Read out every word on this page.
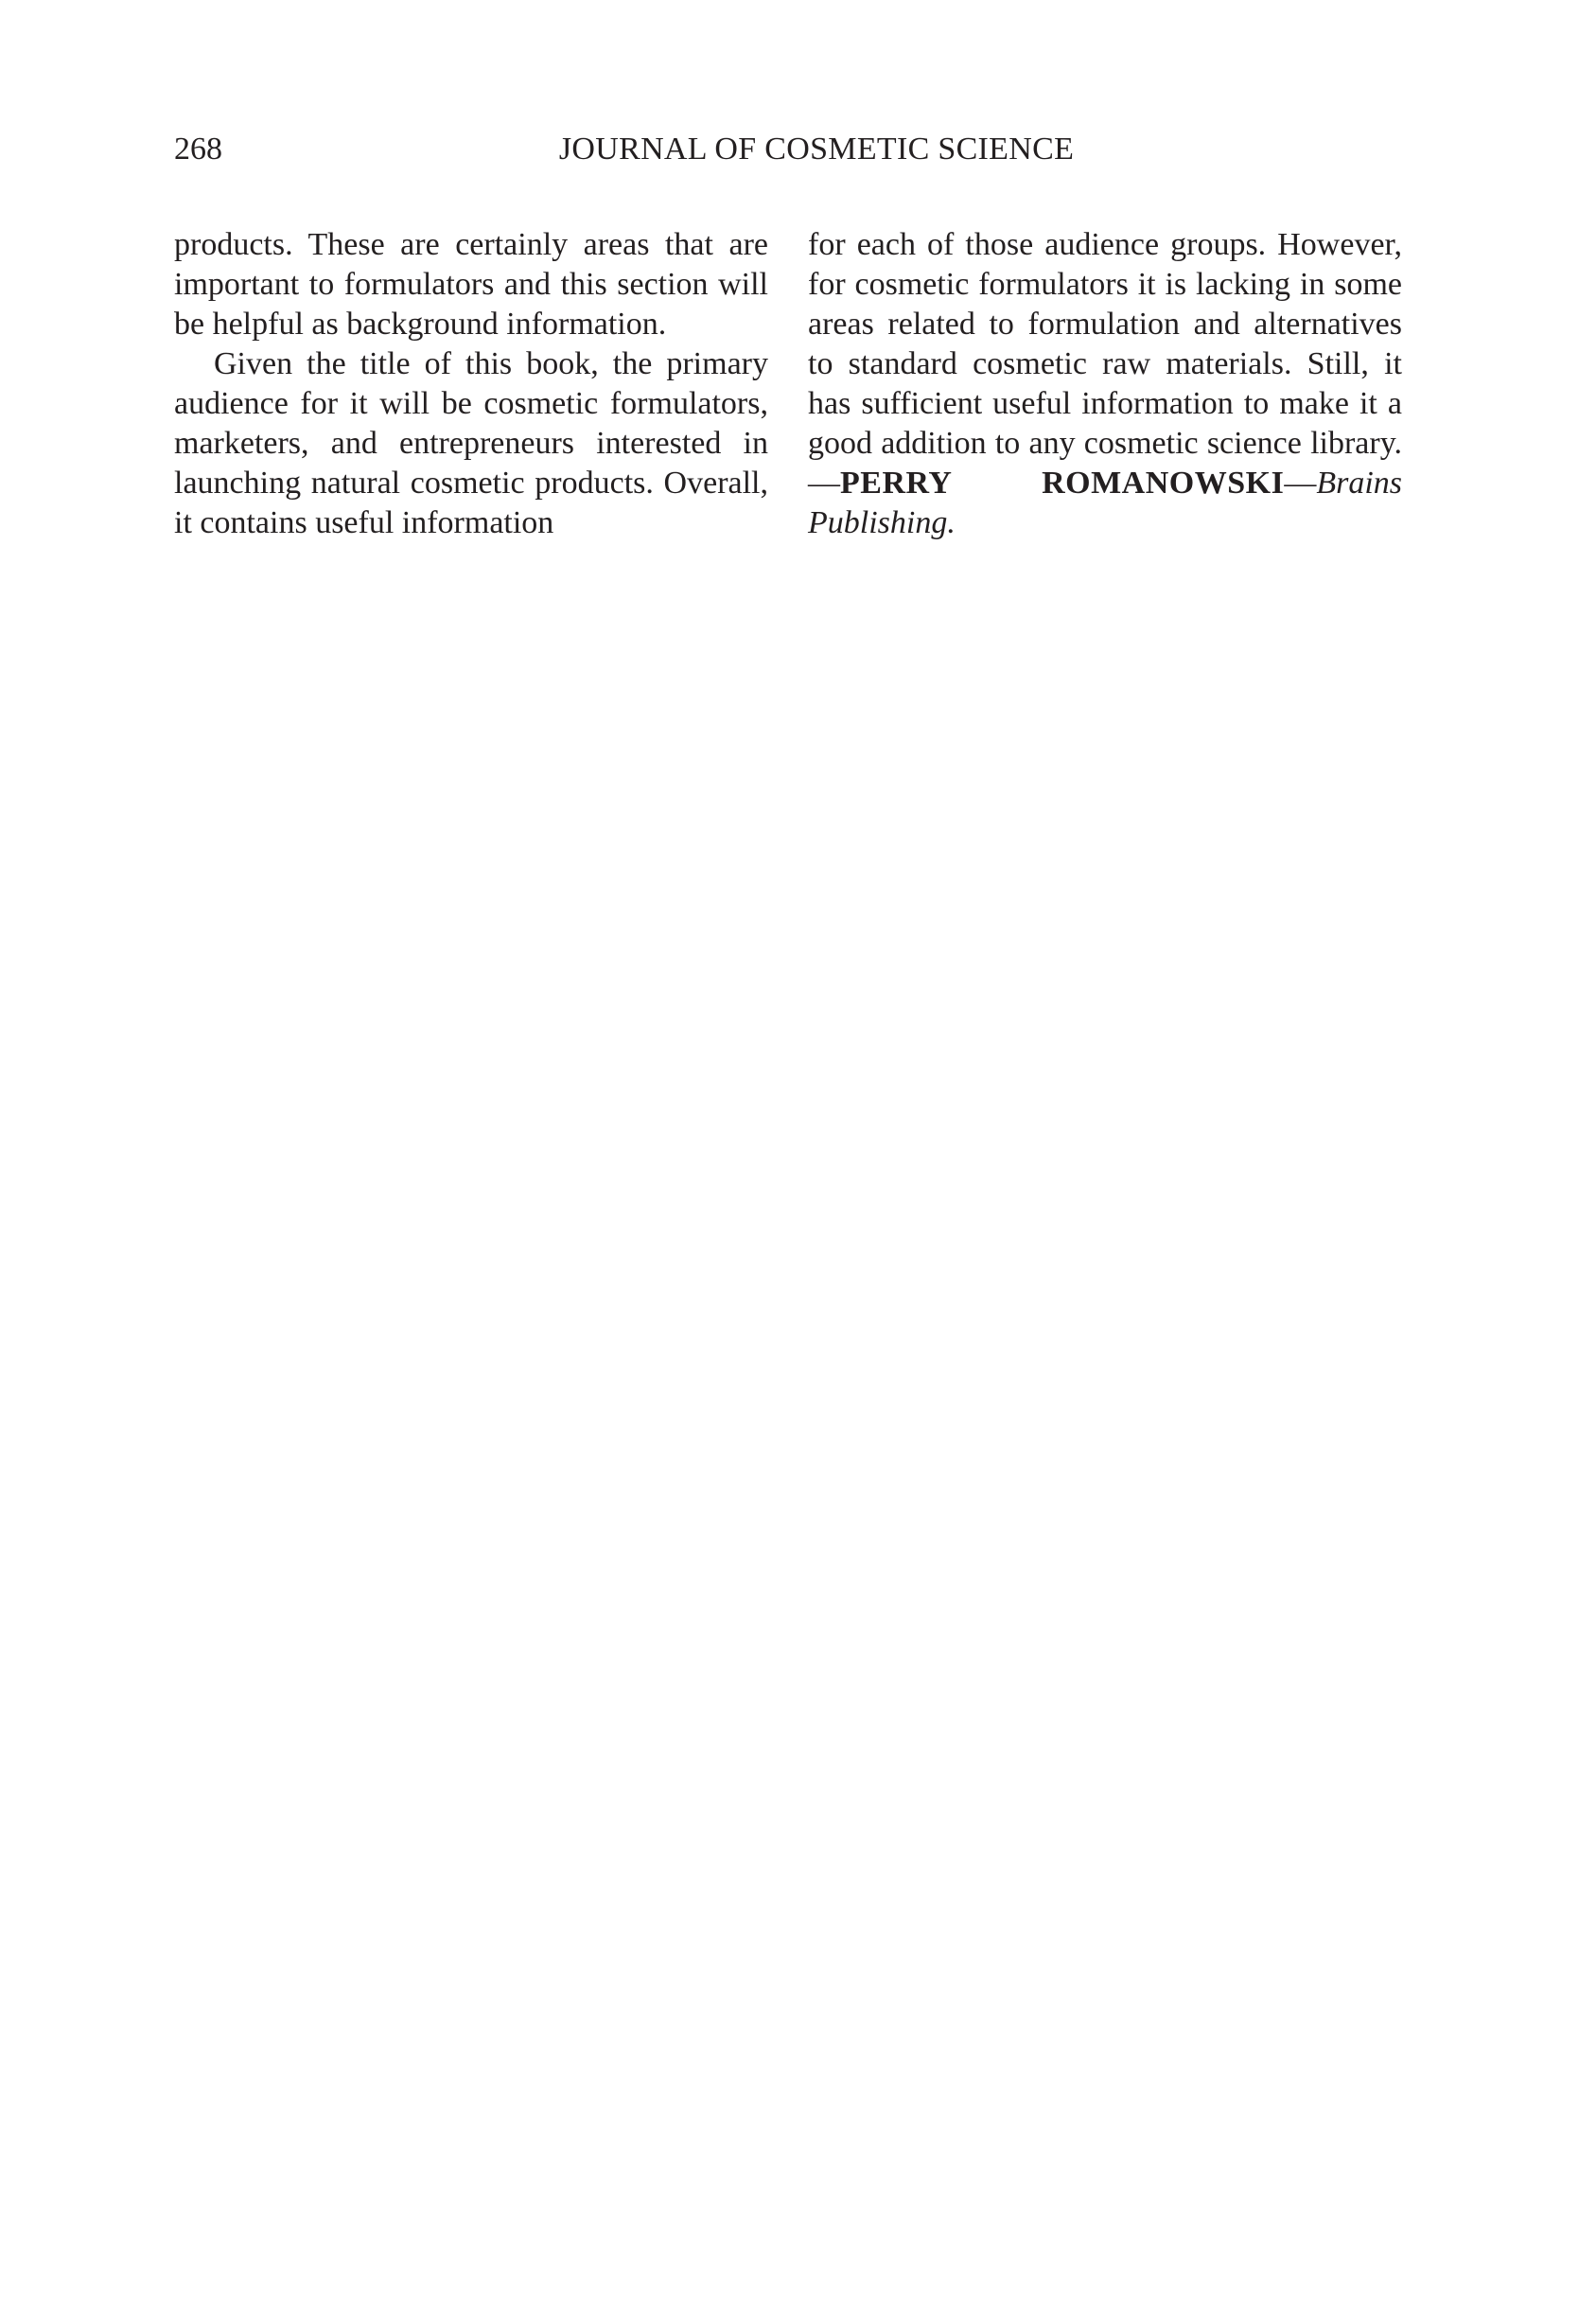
268	JOURNAL OF COSMETIC SCIENCE

products. These are certainly areas that are important to formulators and this section will be helpful as background information.

Given the title of this book, the primary audience for it will be cosmetic formulators, marketers, and entrepreneurs interested in launching natural cosmetic products. Overall, it contains useful information

for each of those audience groups. However, for cosmetic formulators it is lacking in some areas related to formulation and alternatives to standard cosmetic raw materials. Still, it has sufficient useful information to make it a good addition to any cosmetic science library.—PERRY ROMANOWSKI—Brains Publishing.
